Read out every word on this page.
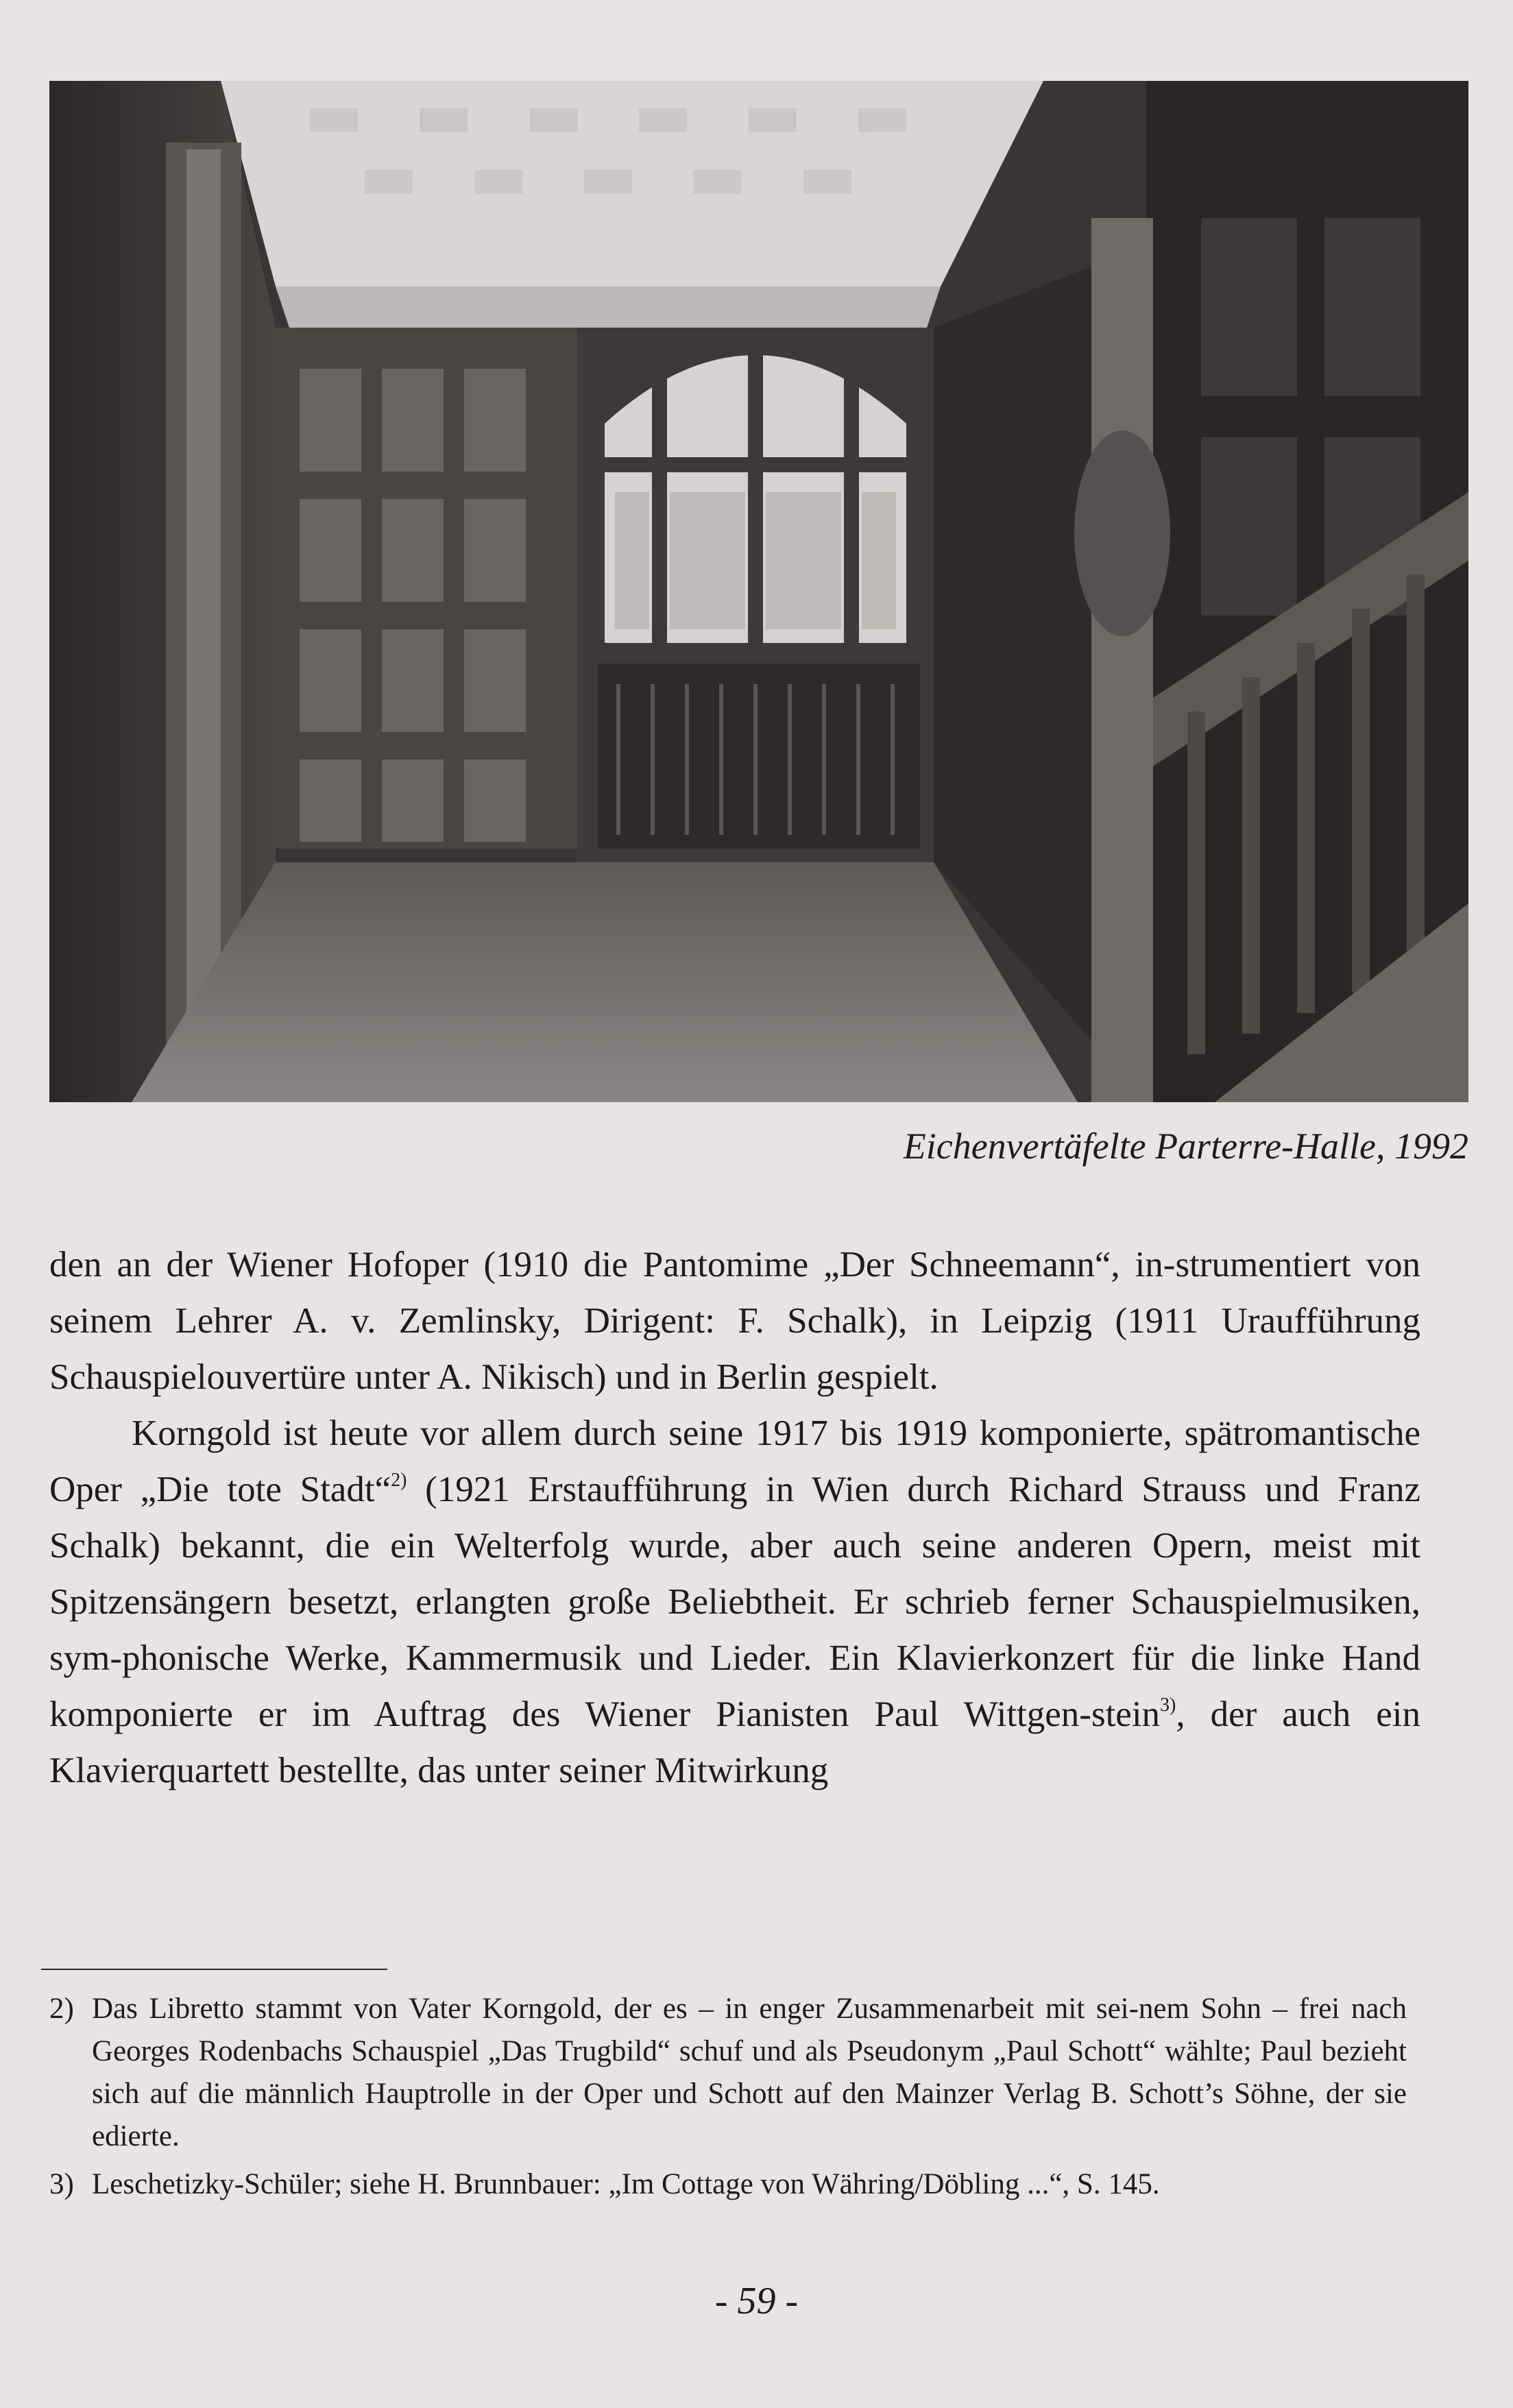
Eichenvertäfelte Parterre-Halle, 1992

den an der Wiener Hofoper (1910 die Pantomime „Der Schneemann“, in-strumentiert von seinem Lehrer A. v. Zemlinsky, Dirigent: F. Schalk), in Leipzig (1911 Uraufführung Schauspielouvertüre unter A. Nikisch) und in Berlin gespielt.

Korngold ist heute vor allem durch seine 1917 bis 1919 komponierte, spätromantische Oper „Die tote Stadt“$^{2)}$ (1921 Erstaufführung in Wien durch Richard Strauss und Franz Schalk) bekannt, die ein Welterfolg wurde, aber auch seine anderen Opern, meist mit Spitzensängern besetzt, erlangten große Beliebtheit. Er schrieb ferner Schauspielmusiken, sym-phonische Werke, Kammermusik und Lieder. Ein Klavierkonzert für die linke Hand komponierte er im Auftrag des Wiener Pianisten Paul Wittgen-stein$^{3)}$, der auch ein Klavierquartett bestellte, das unter seiner Mitwirkung

2) Das Libretto stammt von Vater Korngold, der es – in enger Zusammenarbeit mit sei-nem Sohn – frei nach Georges Rodenbachs Schauspiel „Das Trugbild“ schuf und als Pseudonym „Paul Schott“ wählte; Paul bezieht sich auf die männlich Hauptrolle in der Oper und Schott auf den Mainzer Verlag B. Schott’s Söhne, der sie edierte.
3) Leschetizky-Schüler; siehe H. Brunnbauer: „Im Cottage von Währing/Döbling ...“, S. 145.
- 59 -
